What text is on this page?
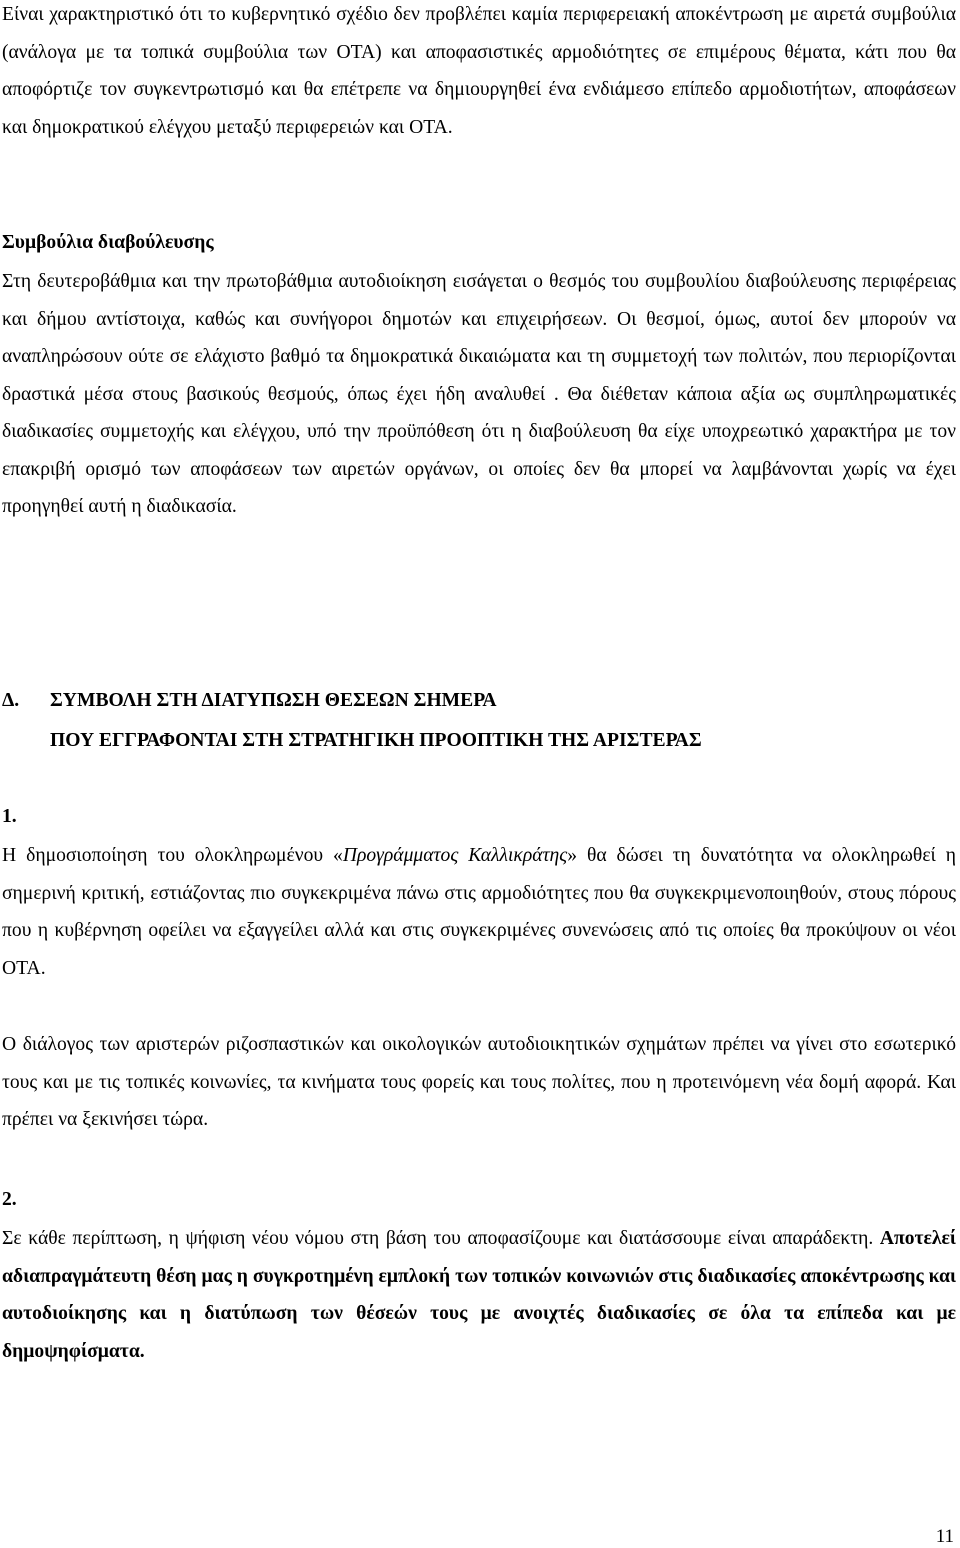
Είναι χαρακτηριστικό ότι το κυβερνητικό σχέδιο δεν προβλέπει καμία περιφερειακή αποκέντρωση με αιρετά συμβούλια (ανάλογα με τα τοπικά συμβούλια των ΟΤΑ) και αποφασιστικές αρμοδιότητες σε επιμέρους θέματα, κάτι που θα αποφόρτιζε τον συγκεντρωτισμό και θα επέτρεπε να δημιουργηθεί ένα ενδιάμεσο επίπεδο αρμοδιοτήτων, αποφάσεων και δημοκρατικού ελέγχου μεταξύ περιφερειών και ΟΤΑ.

Συμβούλια διαβούλευσης

Στη δευτεροβάθμια και την πρωτοβάθμια αυτοδιοίκηση εισάγεται ο θεσμός του συμβουλίου διαβούλευσης περιφέρειας και δήμου αντίστοιχα, καθώς και συνήγοροι δημοτών και επιχειρήσεων. Οι θεσμοί, όμως, αυτοί δεν μπορούν να αναπληρώσουν ούτε σε ελάχιστο βαθμό τα δημοκρατικά δικαιώματα και τη συμμετοχή των πολιτών, που περιορίζονται δραστικά μέσα στους βασικούς θεσμούς, όπως έχει ήδη αναλυθεί . Θα διέθεταν κάποια αξία ως συμπληρωματικές διαδικασίες συμμετοχής και ελέγχου, υπό την προϋπόθεση ότι η διαβούλευση θα είχε υποχρεωτικό χαρακτήρα με τον επακριβή ορισμό των αποφάσεων των αιρετών οργάνων, οι οποίες δεν θα μπορεί να λαμβάνονται χωρίς να έχει προηγηθεί αυτή η διαδικασία.

Δ. ΣΥΜΒΟΛΗ ΣΤΗ ΔΙΑΤΥΠΩΣΗ ΘΕΣΕΩΝ ΣΗΜΕΡΑ
ΠΟΥ ΕΓΓΡΑΦΟΝΤΑΙ ΣΤΗ ΣΤΡΑΤΗΓΙΚΗ ΠΡΟΟΠΤΙΚΗ ΤΗΣ ΑΡΙΣΤΕΡΑΣ
1.

Η δημοσιοποίηση του ολοκληρωμένου «Προγράμματος Καλλικράτης» θα δώσει τη δυνατότητα να ολοκληρωθεί η σημερινή κριτική, εστιάζοντας πιο συγκεκριμένα πάνω στις αρμοδιότητες που θα συγκεκριμενοποιηθούν, στους πόρους που η κυβέρνηση οφείλει να εξαγγείλει αλλά και στις συγκεκριμένες συνενώσεις από τις οποίες θα προκύψουν οι νέοι ΟΤΑ.

Ο διάλογος των αριστερών ριζοσπαστικών και οικολογικών αυτοδιοικητικών σχημάτων πρέπει να γίνει στο εσωτερικό τους και με τις τοπικές κοινωνίες, τα κινήματα τους φορείς και τους πολίτες, που η προτεινόμενη νέα δομή αφορά. Και πρέπει να ξεκινήσει τώρα.

2.

Σε κάθε περίπτωση, η ψήφιση νέου νόμου στη βάση του αποφασίζουμε και διατάσσουμε είναι απαράδεκτη. Αποτελεί αδιαπραγμάτευτη θέση μας η συγκροτημένη εμπλοκή των τοπικών κοινωνιών στις διαδικασίες αποκέντρωσης και αυτοδιοίκησης και η διατύπωση των θέσεών τους με ανοιχτές διαδικασίες σε όλα τα επίπεδα και με δημοψηφίσματα.

11
